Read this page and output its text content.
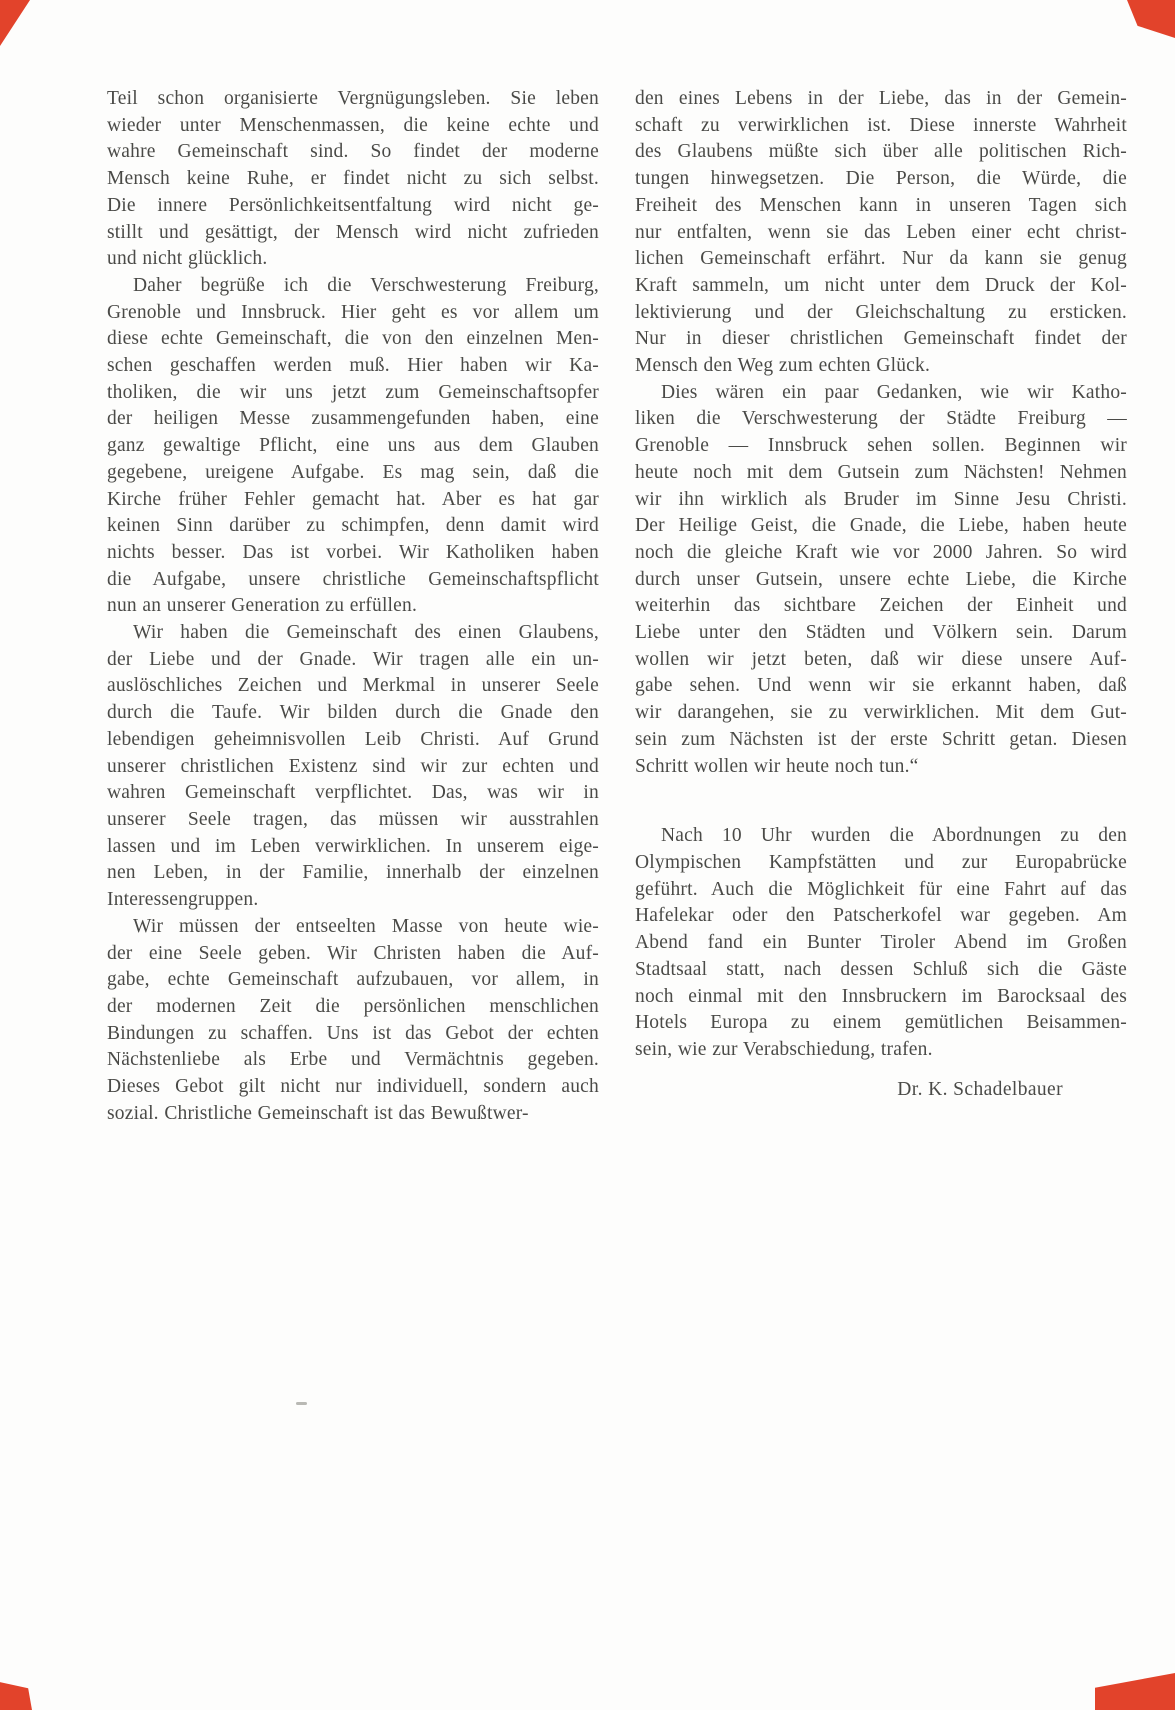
Teil schon organisierte Vergnügungsleben. Sie leben
wieder unter Menschenmassen, die keine echte und
wahre Gemeinschaft sind. So findet der moderne
Mensch keine Ruhe, er findet nicht zu sich selbst.
Die innere Persönlichkeitsentfaltung wird nicht ge-
stillt und gesättigt, der Mensch wird nicht zufrieden
und nicht glücklich.
Daher begrüße ich die Verschwesterung Freiburg,
Grenoble und Innsbruck. Hier geht es vor allem um
diese echte Gemeinschaft, die von den einzelnen Men-
schen geschaffen werden muß. Hier haben wir Ka-
tholiken, die wir uns jetzt zum Gemeinschaftsopfer
der heiligen Messe zusammengefunden haben, eine
ganz gewaltige Pflicht, eine uns aus dem Glauben
gegebene, ureigene Aufgabe. Es mag sein, daß die
Kirche früher Fehler gemacht hat. Aber es hat gar
keinen Sinn darüber zu schimpfen, denn damit wird
nichts besser. Das ist vorbei. Wir Katholiken haben
die Aufgabe, unsere christliche Gemeinschaftspflicht
nun an unserer Generation zu erfüllen.
Wir haben die Gemeinschaft des einen Glaubens,
der Liebe und der Gnade. Wir tragen alle ein un-
auslöschliches Zeichen und Merkmal in unserer Seele
durch die Taufe. Wir bilden durch die Gnade den
lebendigen geheimnisvollen Leib Christi. Auf Grund
unserer christlichen Existenz sind wir zur echten und
wahren Gemeinschaft verpflichtet. Das, was wir in
unserer Seele tragen, das müssen wir ausstrahlen
lassen und im Leben verwirklichen. In unserem eige-
nen Leben, in der Familie, innerhalb der einzelnen
Interessengruppen.
Wir müssen der entseelten Masse von heute wie-
der eine Seele geben. Wir Christen haben die Auf-
gabe, echte Gemeinschaft aufzubauen, vor allem, in
der modernen Zeit die persönlichen menschlichen
Bindungen zu schaffen. Uns ist das Gebot der echten
Nächstenliebe als Erbe und Vermächtnis gegeben.
Dieses Gebot gilt nicht nur individuell, sondern auch
sozial. Christliche Gemeinschaft ist das Bewußtwer-
den eines Lebens in der Liebe, das in der Gemein-
schaft zu verwirklichen ist. Diese innerste Wahrheit
des Glaubens müßte sich über alle politischen Rich-
tungen hinwegsetzen. Die Person, die Würde, die
Freiheit des Menschen kann in unseren Tagen sich
nur entfalten, wenn sie das Leben einer echt christ-
lichen Gemeinschaft erfährt. Nur da kann sie genug
Kraft sammeln, um nicht unter dem Druck der Kol-
lektivierung und der Gleichschaltung zu ersticken.
Nur in dieser christlichen Gemeinschaft findet der
Mensch den Weg zum echten Glück.
Dies wären ein paar Gedanken, wie wir Katho-
liken die Verschwesterung der Städte Freiburg —
Grenoble — Innsbruck sehen sollen. Beginnen wir
heute noch mit dem Gutsein zum Nächsten! Nehmen
wir ihn wirklich als Bruder im Sinne Jesu Christi.
Der Heilige Geist, die Gnade, die Liebe, haben heute
noch die gleiche Kraft wie vor 2000 Jahren. So wird
durch unser Gutsein, unsere echte Liebe, die Kirche
weiterhin das sichtbare Zeichen der Einheit und
Liebe unter den Städten und Völkern sein. Darum
wollen wir jetzt beten, daß wir diese unsere Auf-
gabe sehen. Und wenn wir sie erkannt haben, daß
wir darangehen, sie zu verwirklichen. Mit dem Gut-
sein zum Nächsten ist der erste Schritt getan. Diesen
Schritt wollen wir heute noch tun.“
Nach 10 Uhr wurden die Abordnungen zu den
Olympischen Kampfstätten und zur Europabrücke
geführt. Auch die Möglichkeit für eine Fahrt auf das
Hafelekar oder den Patscherkofel war gegeben. Am
Abend fand ein Bunter Tiroler Abend im Großen
Stadtsaal statt, nach dessen Schluß sich die Gäste
noch einmal mit den Innsbruckern im Barocksaal des
Hotels Europa zu einem gemütlichen Beisammen-
sein, wie zur Verabschiedung, trafen.
Dr. K. Schadelbauer
